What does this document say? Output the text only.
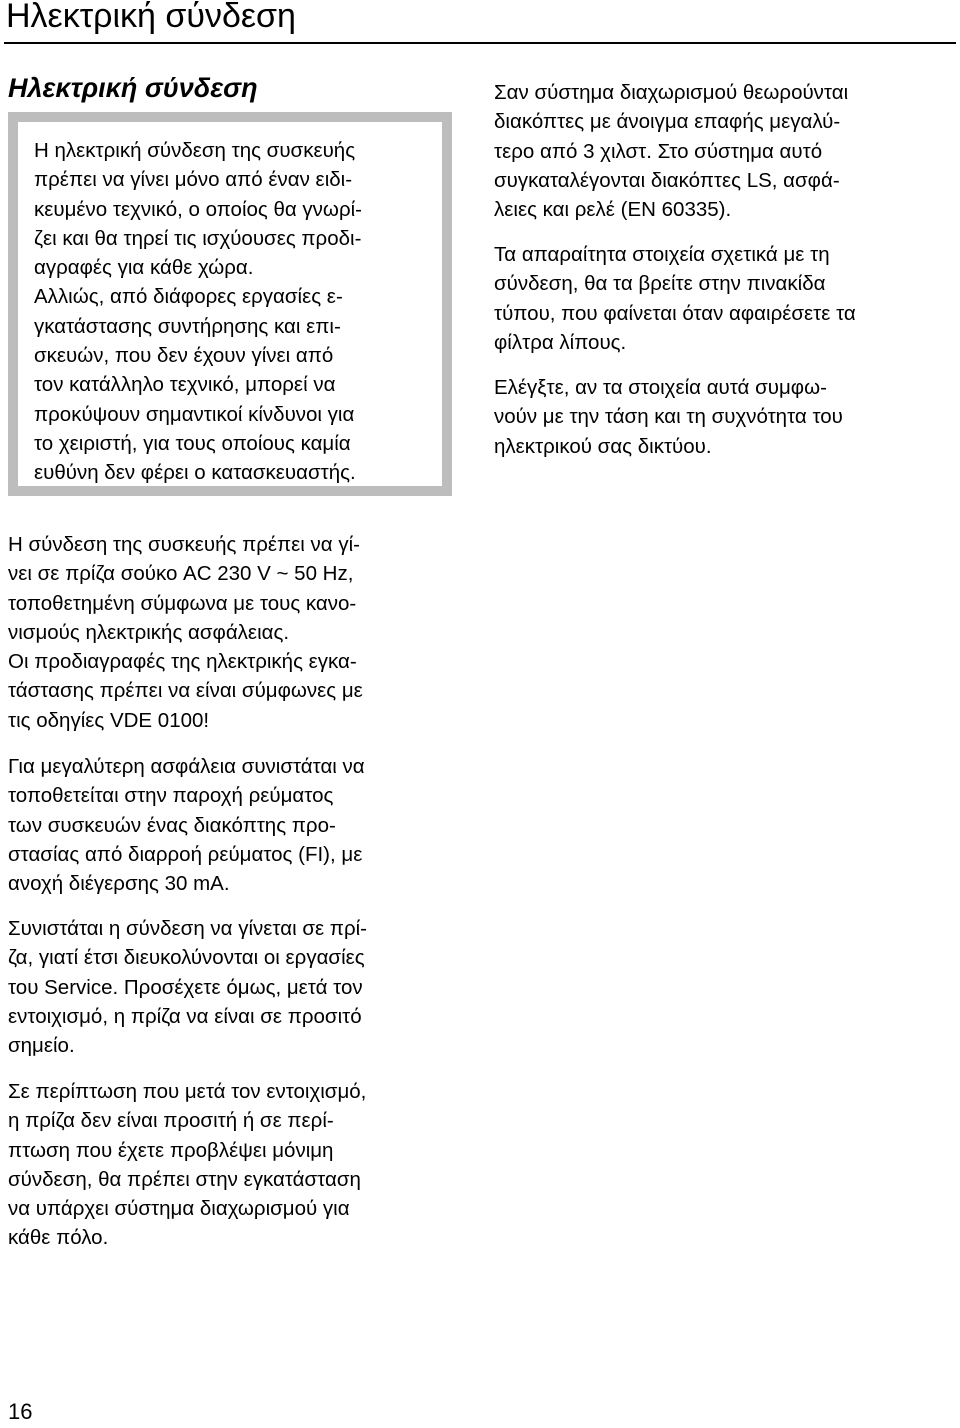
Ηλεκτρική σύνδεση
Ηλεκτρική σύνδεση

Η ηλεκτρική σύνδεση της συσκευής
πρέπει να γίνει μόνο από έναν ειδι-
κευμένο τεχνικό, ο οποίος θα γνωρί-
ζει και θα τηρεί τις ισχύουσες προδι-
αγραφές για κάθε χώρα.
Αλλιώς, από διάφορες εργασίες ε-
γκατάστασης συντήρησης και επι-
σκευών, που δεν έχουν γίνει από
τον κατάλληλο τεχνικό, μπορεί να
προκύψουν σημαντικοί κίνδυνοι για
το χειριστή, για τους οποίους καμία
ευθύνη δεν φέρει ο κατασκευαστής.

Σαν σύστημα διαχωρισμού θεωρούνται
διακόπτες με άνοιγμα επαφής μεγαλύ-
τερο από 3 χιλστ. Στο σύστημα αυτό
συγκαταλέγονται διακόπτες LS, ασφά-
λειες και ρελέ (EN 60335).

Τα απαραίτητα στοιχεία σχετικά με τη
σύνδεση, θα τα βρείτε στην πινακίδα
τύπου, που φαίνεται όταν αφαιρέσετε τα
φίλτρα λίπους.

Ελέγξτε, αν τα στοιχεία αυτά συμφω-
νούν με την τάση και τη συχνότητα του
ηλεκτρικού σας δικτύου.

Η σύνδεση της συσκευής πρέπει να γί-
νει σε πρίζα σούκο AC 230 V ~ 50 Hz,
τοποθετημένη σύμφωνα με τους κανο-
νισμούς ηλεκτρικής ασφάλειας.
Οι προδιαγραφές της ηλεκτρικής εγκα-
τάστασης πρέπει να είναι σύμφωνες με
τις οδηγίες VDE 0100!

Για μεγαλύτερη ασφάλεια συνιστάται να
τοποθετείται στην παροχή ρεύματος
των συσκευών ένας διακόπτης προ-
στασίας από διαρροή ρεύματος (FI), με
ανοχή διέγερσης 30 mA.

Συνιστάται η σύνδεση να γίνεται σε πρί-
ζα, γιατί έτσι διευκολύνονται οι εργασίες
του Service. Προσέχετε όμως, μετά τον
εντοιχισμό, η πρίζα να είναι σε προσιτό
σημείο.

Σε περίπτωση που μετά τον εντοιχισμό,
η πρίζα δεν είναι προσιτή ή σε περί-
πτωση που έχετε προβλέψει μόνιμη
σύνδεση, θα πρέπει στην εγκατάσταση
να υπάρχει σύστημα διαχωρισμού για
κάθε πόλο.

16
